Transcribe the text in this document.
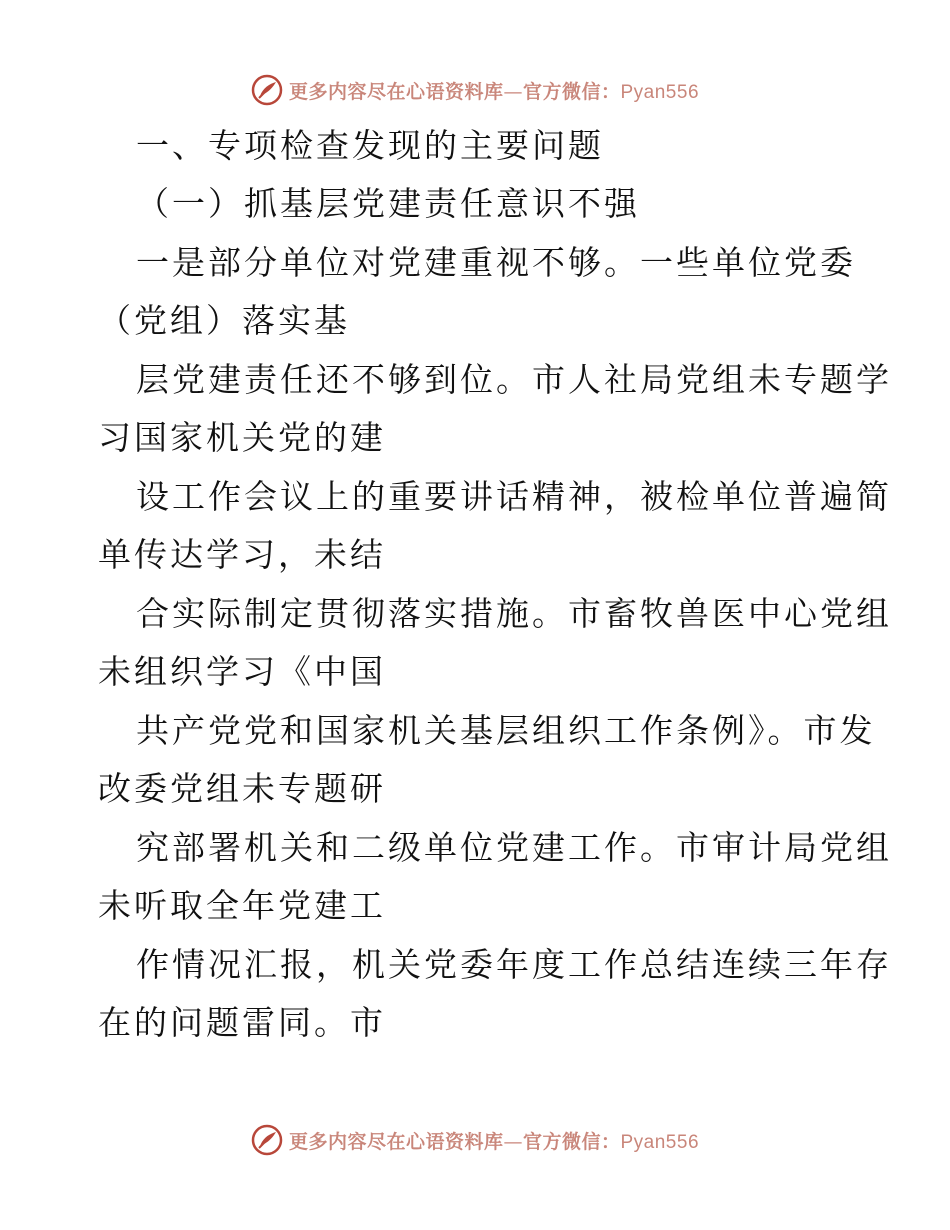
更多内容尽在心语资料库—官方微信：Pyan556
一、专项检查发现的主要问题
（一）抓基层党建责任意识不强
一是部分单位对党建重视不够。一些单位党委
（党组）落实基
层党建责任还不够到位。市人社局党组未专题学
习国家机关党的建
设工作会议上的重要讲话精神，被检单位普遍简
单传达学习，未结
合实际制定贯彻落实措施。市畜牧兽医中心党组
未组织学习《中国
共产党党和国家机关基层组织工作条例》。市发
改委党组未专题研
究部署机关和二级单位党建工作。市审计局党组
未听取全年党建工
作情况汇报，机关党委年度工作总结连续三年存
在的问题雷同。市
更多内容尽在心语资料库—官方微信：Pyan556
